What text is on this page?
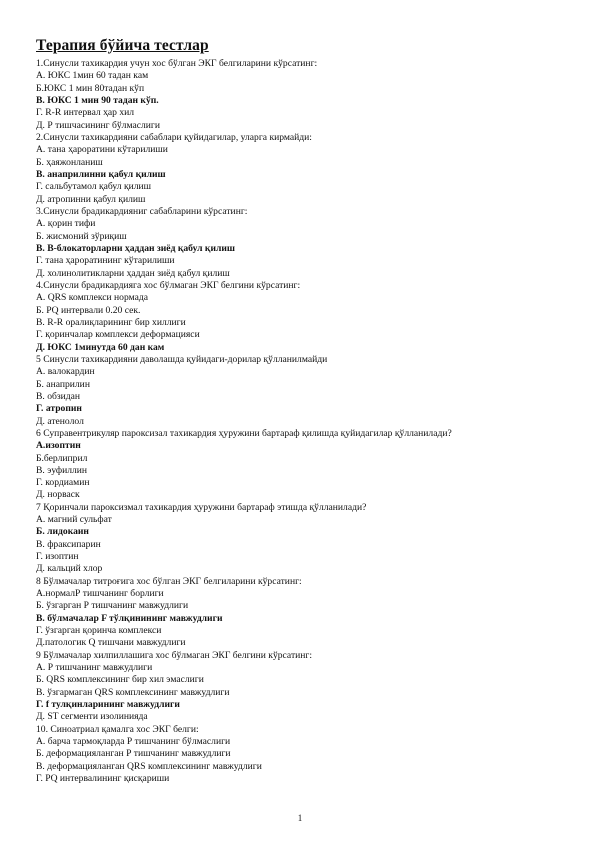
Терапия бўйича тестлар
1.Синусли тахикардия учун хос бўлган ЭКГ белгиларини кўрсатинг:
А. ЮКС 1мин 60 тадан кам
Б.ЮКС 1 мин 80тадан кўп
В. ЮКС 1 мин 90 тадан кўп.
Г. R-R интервал ҳар хил
Д. Р тишчасининг бўлмаслиги
2.Синусли тахикардияни сабаблари қуйидагилар, уларга кирмайди:
А. тана ҳароратини кўтарилиши
Б. ҳаяжонланиш
В. анаприлинни қабул қилиш
Г. сальбутамол қабул қилиш
Д. атропинни қабул қилиш
3.Синусли брадикардияниг сабабларини кўрсатинг:
А. қорин тифи
Б. жисмоний зўриқиш
В. В-блокаторларни ҳаддан зиёд қабул қилиш
Г. тана ҳароратининг кўтарилиши
Д. холинолитикларни ҳаддан зиёд қабул қилиш
4.Синусли брадикардияга хос бўлмаган ЭКГ белгини кўрсатинг:
А. QRS комплекси нормада
Б. PQ интервали 0.20 сек.
В. R-R оралиқларининг бир хиллиги
Г. қоринчалар комплекси деформацияси
Д. ЮКС 1минутда 60 дан кам
5 Синусли тахикардияни даволашда қуйидаги-дорилар қўлланилмайди
А. валокардин
Б. анаприлин
В. обзидан
Г. атропин
Д. атенолол
6 Суправентрикуляр пароксизал тахикардия ҳуружини бартараф қилишда қуйидагилар қўлланилади?
А.изоптин
Б.берлиприл
В. эуфиллин
Г. кордиамин
Д. норваск
7 Қоринчали пароксизмал тахикардия ҳуружини бартараф этишда қўлланилади?
А. магний сульфат
Б. лидокаин
В. фраксипарин
Г. изоптин
Д. кальций хлор
8 Бўлмачалар титроғига хос бўлган ЭКГ белгиларини кўрсатинг:
А.нормалР тишчанинг борлиги
Б. ўзгарган Р тишчанинг мавжудлиги
В. бўлмачалар F тўлқинининг мавжудлиги
Г. ўзгарган қоринча комплекси
Д.патологик Q тишчани мавжудлиги
9 Бўлмачалар хилпиллашига хос бўлмаган ЭКГ белгини кўрсатинг:
А. Р тишчанинг мавжудлиги
Б. QRS комплексининг бир хил эмаслиги
В. ўзгармаган QRS комплексининг мавжудлиги
Г. f тулқинларининг мавжудлиги
Д. ST сегменти изолинияда
10. Синоатриал қамалга хос ЭКГ белги:
А. барча тармоқларда Р тишчанинг бўлмаслиги
Б. деформацияланган Р тишчанинг мавжудлиги
В. деформацияланган QRS комплексининг мавжудлиги
Г. PQ интервалининг қисқариши
1
